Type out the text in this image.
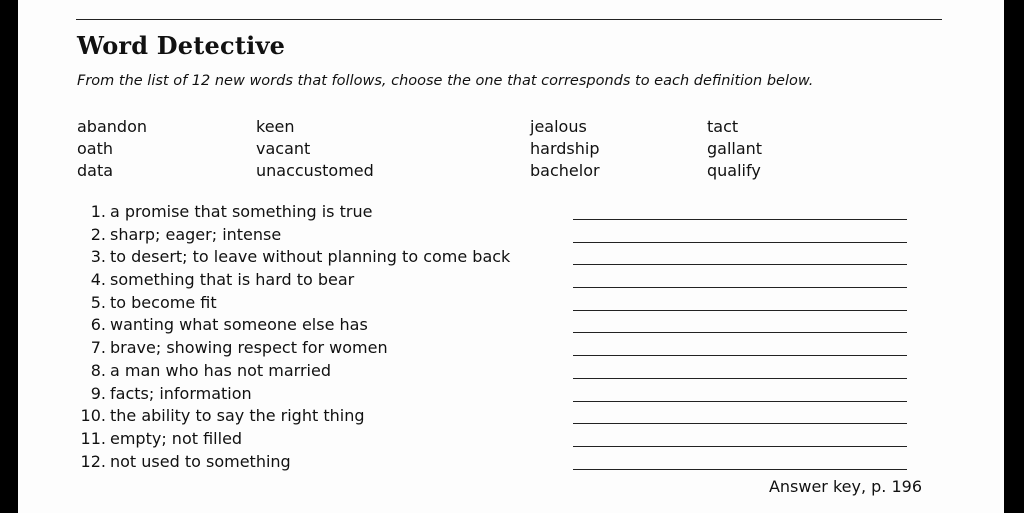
Word Detective
From the list of 12 new words that follows, choose the one that corresponds to each definition below.
abandon
oath
data
keen
vacant
unaccustomed
jealous
hardship
bachelor
tact
gallant
qualify
1. a promise that something is true
2. sharp; eager; intense
3. to desert; to leave without planning to come back
4. something that is hard to bear
5. to become fit
6. wanting what someone else has
7. brave; showing respect for women
8. a man who has not married
9. facts; information
10. the ability to say the right thing
11. empty; not filled
12. not used to something
Answer key, p. 196
